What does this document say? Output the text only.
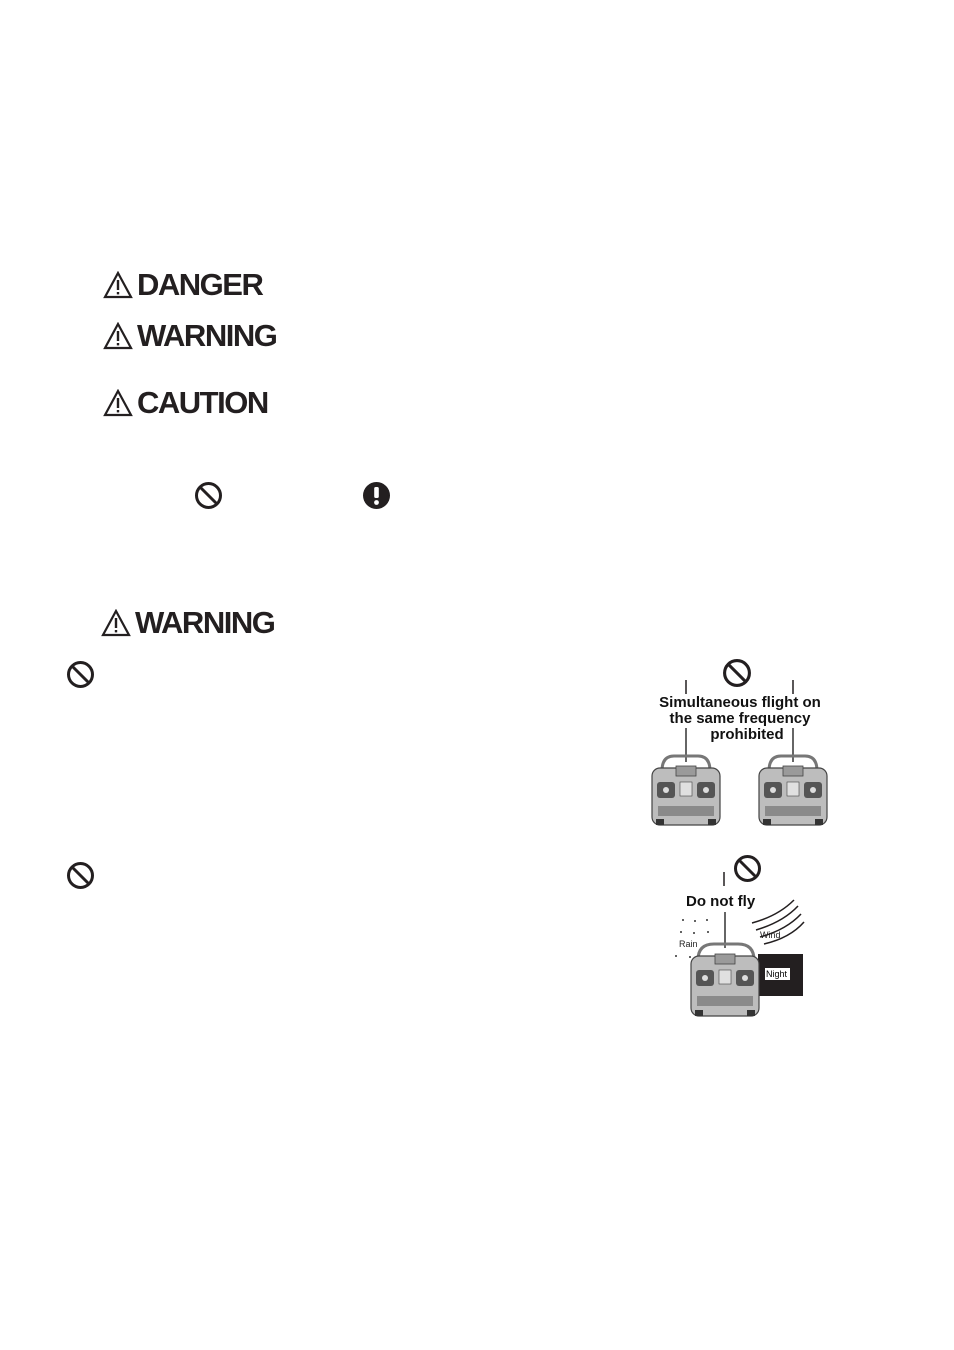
DANGER
WARNING
CAUTION
WARNING
Simultaneous flight on
the same frequency
prohibited
Do not fly
Rain
Wind
Night
